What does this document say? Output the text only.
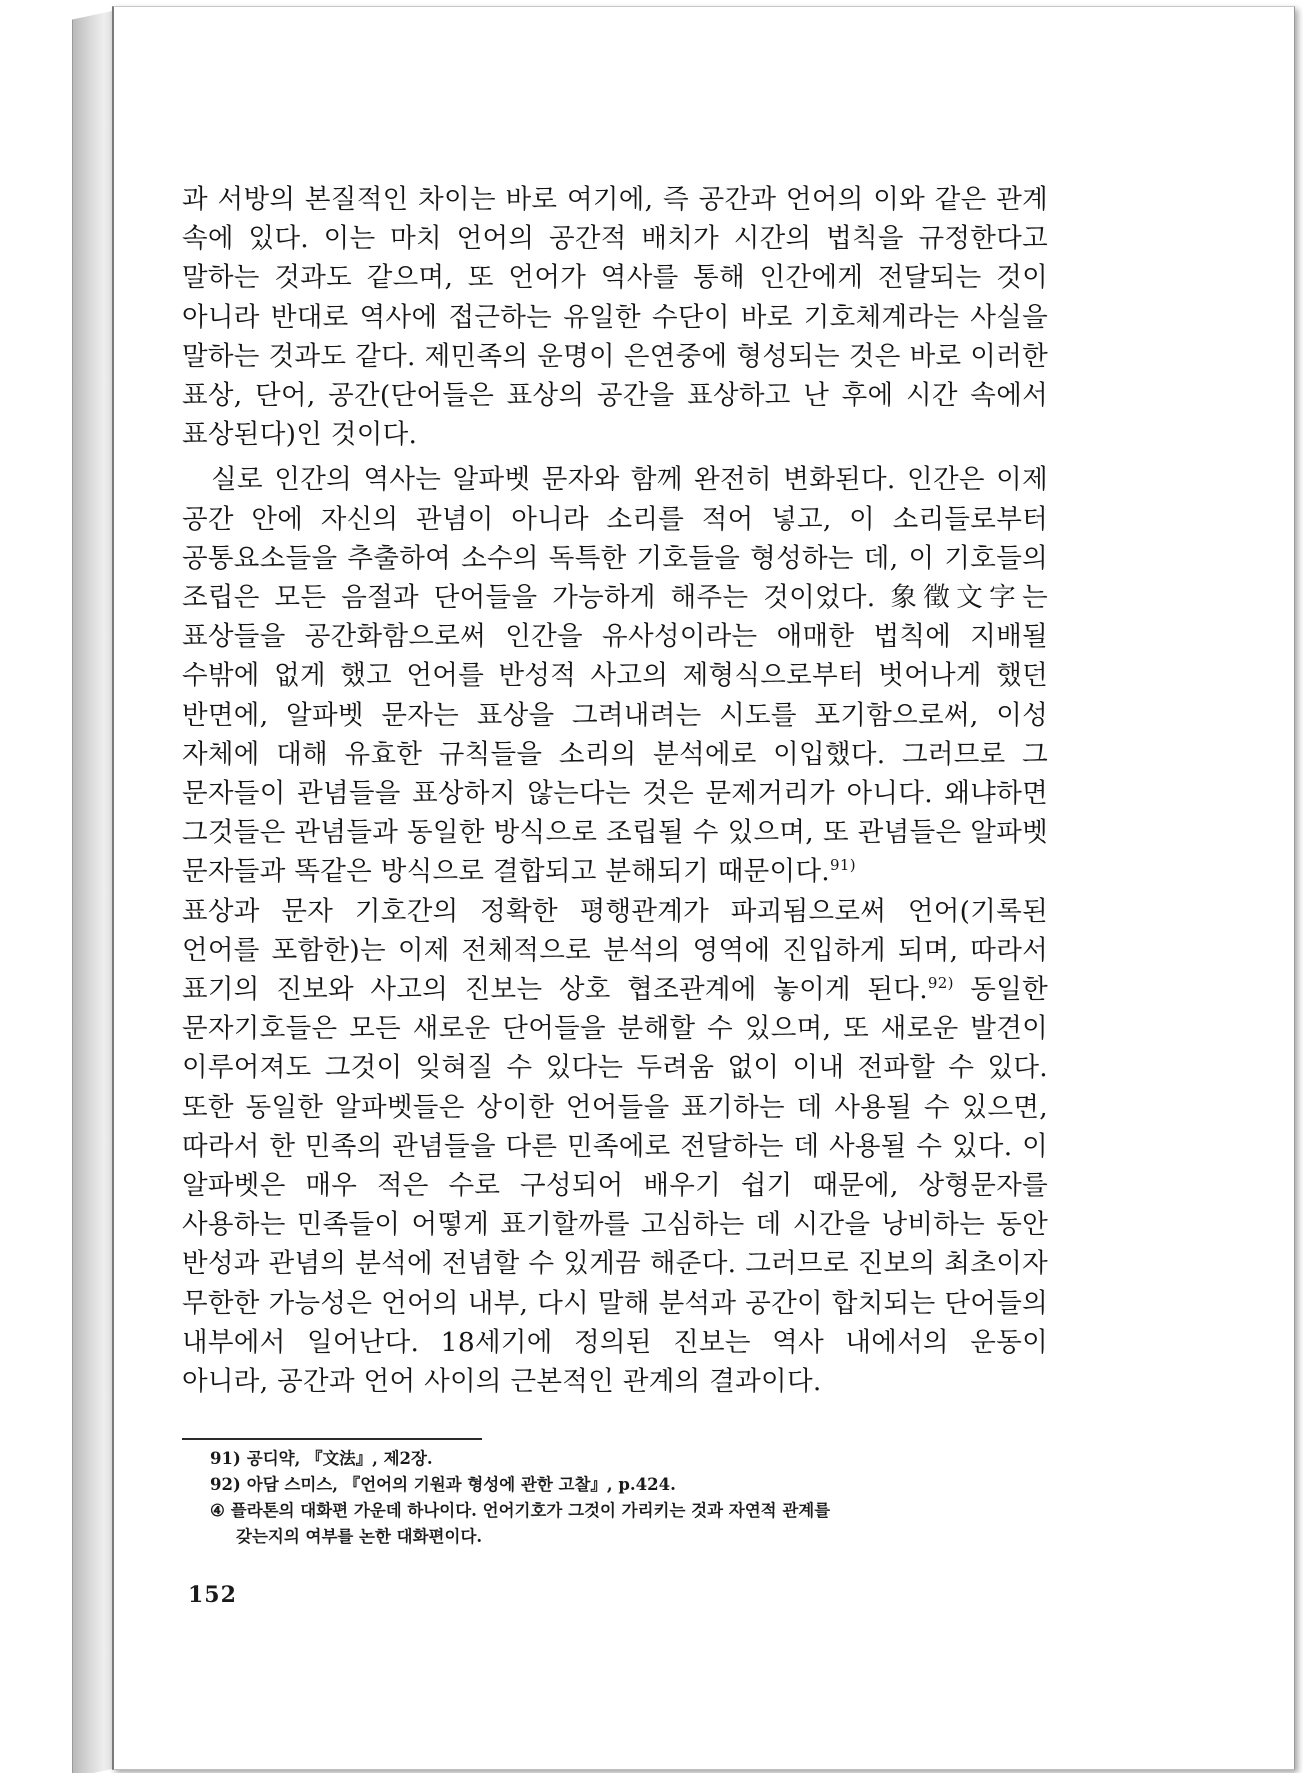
과 서방의 본질적인 차이는 바로 여기에, 즉 공간과 언어의 이와 같은 관계 속에 있다. 이는 마치 언어의 공간적 배치가 시간의 법칙을 규정한다고 말하는 것과도 같으며, 또 언어가 역사를 통해 인간에게 전달되는 것이 아니라 반대로 역사에 접근하는 유일한 수단이 바로 기호체계라는 사실을 말하는 것과도 같다. 제민족의 운명이 은연중에 형성되는 것은 바로 이러한 표상, 단어, 공간(단어들은 표상의 공간을 표상하고 난 후에 시간 속에서 표상된다)인 것이다.

실로 인간의 역사는 알파벳 문자와 함께 완전히 변화된다. 인간은 이제 공간 안에 자신의 관념이 아니라 소리를 적어 넣고, 이 소리들로부터 공통요소들을 추출하여 소수의 독특한 기호들을 형성하는 데, 이 기호들의 조립은 모든 음절과 단어들을 가능하게 해주는 것이었다. 象徵文字는 표상들을 공간화함으로써 인간을 유사성이라는 애매한 법칙에 지배될 수밖에 없게 했고 언어를 반성적 사고의 제형식으로부터 벗어나게 했던 반면에, 알파벳 문자는 표상을 그려내려는 시도를 포기함으로써, 이성 자체에 대해 유효한 규칙들을 소리의 분석에로 이입했다. 그러므로 그 문자들이 관념들을 표상하지 않는다는 것은 문제거리가 아니다. 왜냐하면 그것들은 관념들과 동일한 방식으로 조립될 수 있으며, 또 관념들은 알파벳 문자들과 똑같은 방식으로 결합되고 분해되기 때문이다.$^{91)}$
표상과 문자 기호간의 정확한 평행관계가 파괴됨으로써 언어(기록된 언어를 포함한)는 이제 전체적으로 분석의 영역에 진입하게 되며, 따라서 표기의 진보와 사고의 진보는 상호 협조관계에 놓이게 된다.$^{92)}$ 동일한 문자기호들은 모든 새로운 단어들을 분해할 수 있으며, 또 새로운 발견이 이루어져도 그것이 잊혀질 수 있다는 두려움 없이 이내 전파할 수 있다. 또한 동일한 알파벳들은 상이한 언어들을 표기하는 데 사용될 수 있으면, 따라서 한 민족의 관념들을 다른 민족에로 전달하는 데 사용될 수 있다. 이 알파벳은 매우 적은 수로 구성되어 배우기 쉽기 때문에, 상형문자를 사용하는 민족들이 어떻게 표기할까를 고심하는 데 시간을 낭비하는 동안 반성과 관념의 분석에 전념할 수 있게끔 해준다. 그러므로 진보의 최초이자 무한한 가능성은 언어의 내부, 다시 말해 분석과 공간이 합치되는 단어들의 내부에서 일어난다. 18세기에 정의된 진보는 역사 내에서의 운동이 아니라, 공간과 언어 사이의 근본적인 관계의 결과이다.

91) 공디약, 『文法』, 제2장.

92) 아담 스미스, 『언어의 기원과 형성에 관한 고찰』, p.424.

④ 플라톤의 대화편 가운데 하나이다. 언어기호가 그것이 가리키는 것과 자연적 관계를

갖는지의 여부를 논한 대화편이다.

152
